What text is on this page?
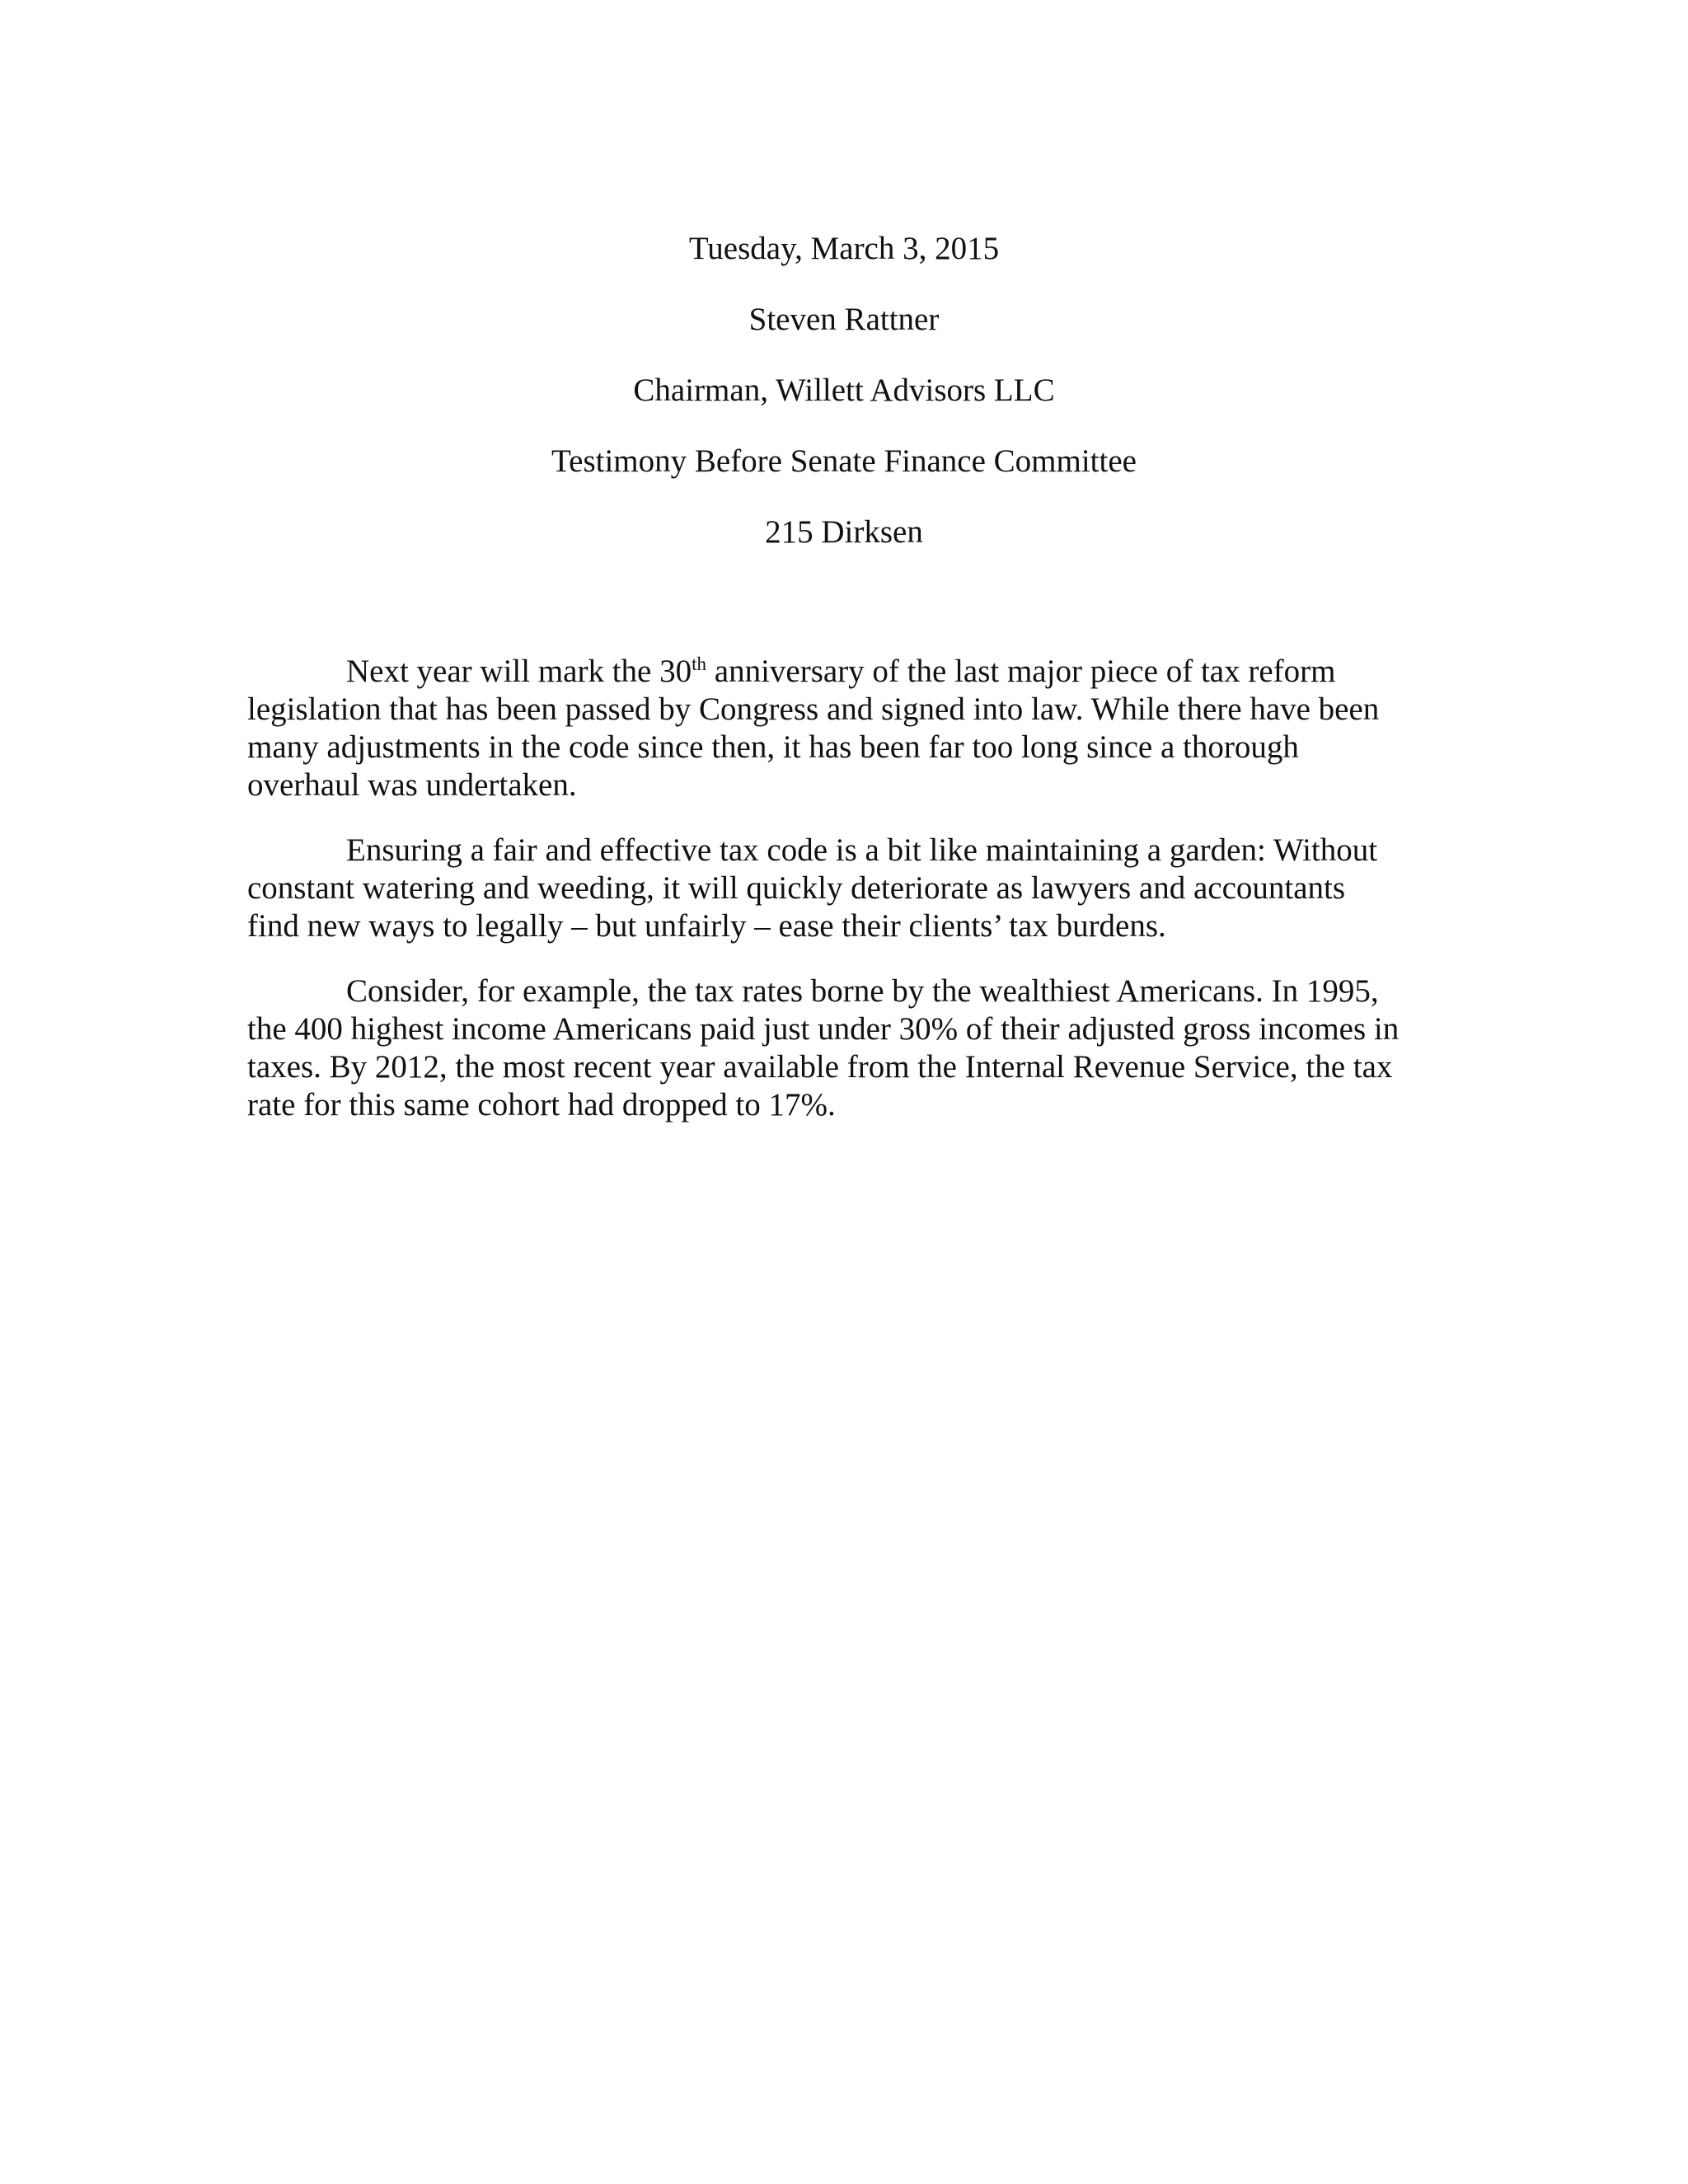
Tuesday, March 3, 2015
Steven Rattner
Chairman, Willett Advisors LLC
Testimony Before Senate Finance Committee
215 Dirksen
Next year will mark the 30th anniversary of the last major piece of tax reform
legislation that has been passed by Congress and signed into law. While there have been
many adjustments in the code since then, it has been far too long since a thorough
overhaul was undertaken.
Ensuring a fair and effective tax code is a bit like maintaining a garden: Without
constant watering and weeding, it will quickly deteriorate as lawyers and accountants
find new ways to legally – but unfairly – ease their clients’ tax burdens.
Consider, for example, the tax rates borne by the wealthiest Americans. In 1995,
the 400 highest income Americans paid just under 30% of their adjusted gross incomes in
taxes. By 2012, the most recent year available from the Internal Revenue Service, the tax
rate for this same cohort had dropped to 17%.
